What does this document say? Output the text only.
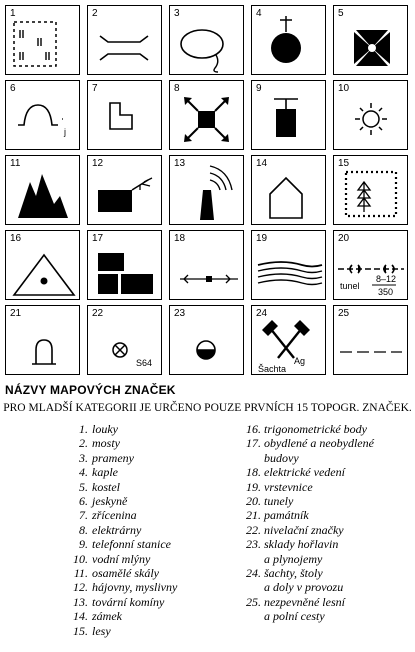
1	2	3	4	5
6
j
7	8	9	10
11	12	13	14	15
16	17	18	19	20
tunel
8–12
350
21	22
S64
23	24
Ag
Šachta
25
NÁZVY MAPOVÝCH ZNAČEK
PRO MLADŠÍ KATEGORII JE URČENO POUZE PRVNÍCH 15 TOPOGR. ZNAČEK.
1. louky
2. mosty
3. prameny
4. kaple
5. kostel
6. jeskyně
7. zřícenina
8. elektrárny
9. telefonní stanice
10. vodní mlýny
11. osamělé skály
12. hájovny, myslivny
13. tovární komíny
14. zámek
15. lesy
16. trigonometrické body
17. obydlené a neobydlené
budovy
18. elektrické vedení
19. vrstevnice
20. tunely
21. památník
22. nivelační značky
23. sklady hořlavin
a plynojemy
24. šachty, štoly
a doly v provozu
25. nezpevněné lesní
a polní cesty
